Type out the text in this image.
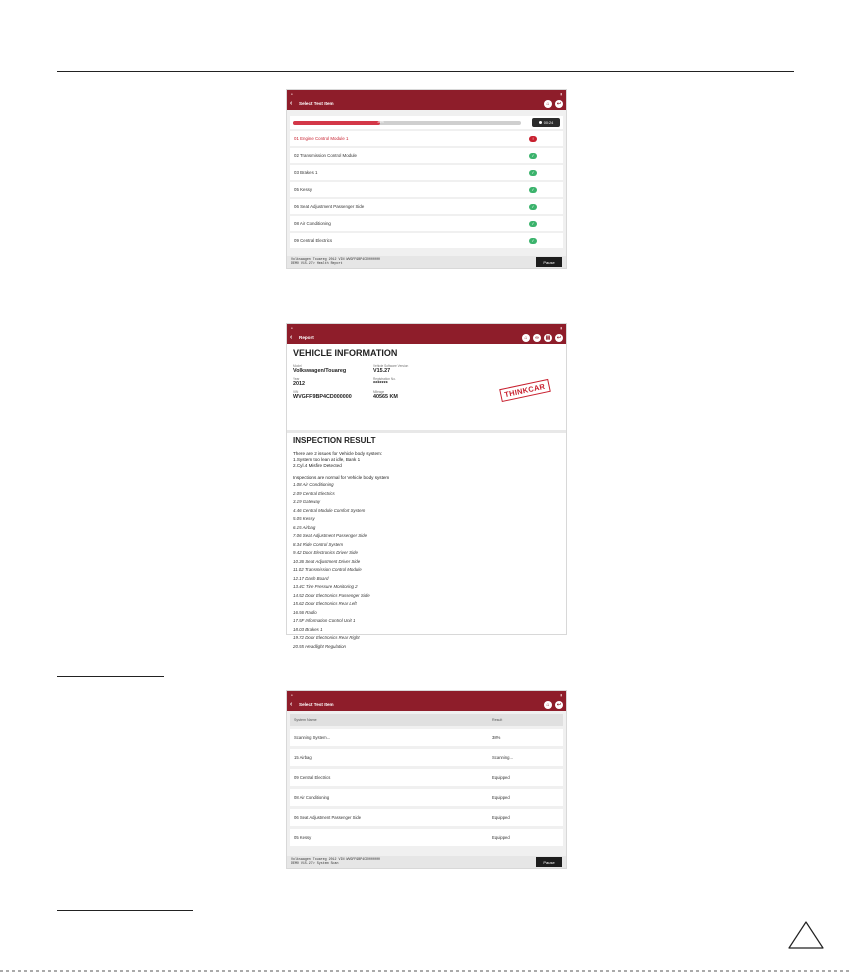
●	▮
‹	Select Test Item	⌂	↩
38%	00:24
01 Engine Control Module 1	!
02 Transmission Control Module	✓
03 Brakes 1	✓
05 Kessy	✓
06 Seat Adjustment Passenger Side	✓
08 Air Conditioning	✓
09 Central Electrics	✓
Volkswagen Touareg 2012 VIN WVGFF9BP4CD000000
DEMO V15.27> Health Report	Pause
●	▮
‹	Report	⌂	∞	▤	↩
VEHICLE INFORMATION
Model
Volkswagen/Touareg
Vehicle Software Version
V15.27
Year
2012
Registration No.
*******
VIN
WVGFF9BP4CD000000
Mileage
40565 KM	THINKCAR
INSPECTION RESULT
There are 2 issues for Vehicle body system:
1.System too lean at idle, Bank 1
2.Cyl.4 Misfire Detected
Inspections are normal for Vehicle body system
1.08 Air Conditioning
2.09 Central Electrics
3.19 Gateway
4.46 Central Module Comfort System
5.05 Kessy
6.15 Airbag
7.06 Seat Adjustment Passenger Side
8.34 Ride Control System
9.42 Door Electronics Driver Side
10.36 Seat Adjustment Driver Side
11.02 Transmission Control Module
12.17 Dash Board
13.4C Tire Pressure Monitoring 2
14.52 Door Electronics Passenger Side
15.62 Door Electronics Rear Left
16.56 Radio
17.5F Information Control Unit 1
18.03 Brakes 1
19.72 Door Electronics Rear Right
20.55 Headlight Regulation
●	▮
‹	Select Test Item	⌂	↩
System Name	Result
Scanning System...	38%
15 Airbag	Scanning...
09 Central Electrics	Equipped
08 Air Conditioning	Equipped
06 Seat Adjustment Passenger Side	Equipped
05 Kessy	Equipped
Volkswagen Touareg 2012 VIN WVGFF9BP4CD000000
DEMO V15.27> System Scan	Pause
